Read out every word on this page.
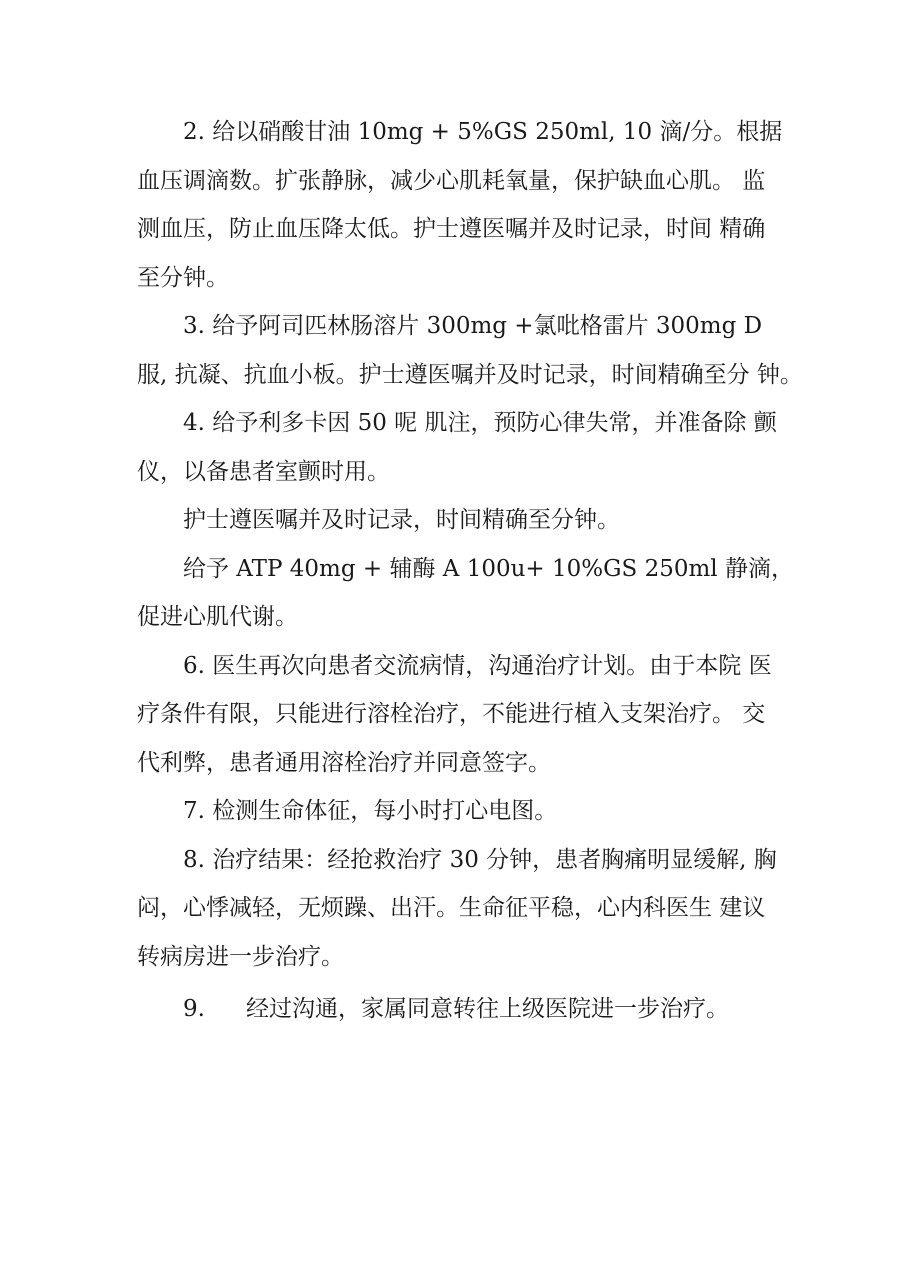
2. 给以硝酸甘油 10mg + 5%GS 250ml, 10 滴/分。根据
血压调滴数。扩张静脉，减少心肌耗氧量，保护缺血心肌。 监
测血压，防止血压降太低。护士遵医嘱并及时记录，时间 精确
至分钟。
3. 给予阿司匹林肠溶片 300mg +氯吡格雷片 300mg D
服, 抗凝、抗血小板。护士遵医嘱并及时记录，时间精确至分 钟。
4. 给予利多卡因 50 呢 肌注，预防心律失常，并准备除 颤
仪，以备患者室颤时用。
护士遵医嘱并及时记录，时间精确至分钟。
给予 ATP 40mg + 辅酶 A 100u+ 10%GS 250ml 静滴，
促进心肌代谢。
6. 医生再次向患者交流病情，沟通治疗计划。由于本院 医
疗条件有限，只能进行溶栓治疗，不能进行植入支架治疗。 交
代利弊，患者通用溶栓治疗并同意签字。
7. 检测生命体征，每小时打心电图。
8. 治疗结果：经抢救治疗 30 分钟，患者胸痛明显缓解, 胸
闷，心悸减轻，无烦躁、出汗。生命征平稳，心内科医生 建议
转病房进一步治疗。
9. 经过沟通，家属同意转往上级医院进一步治疗。
